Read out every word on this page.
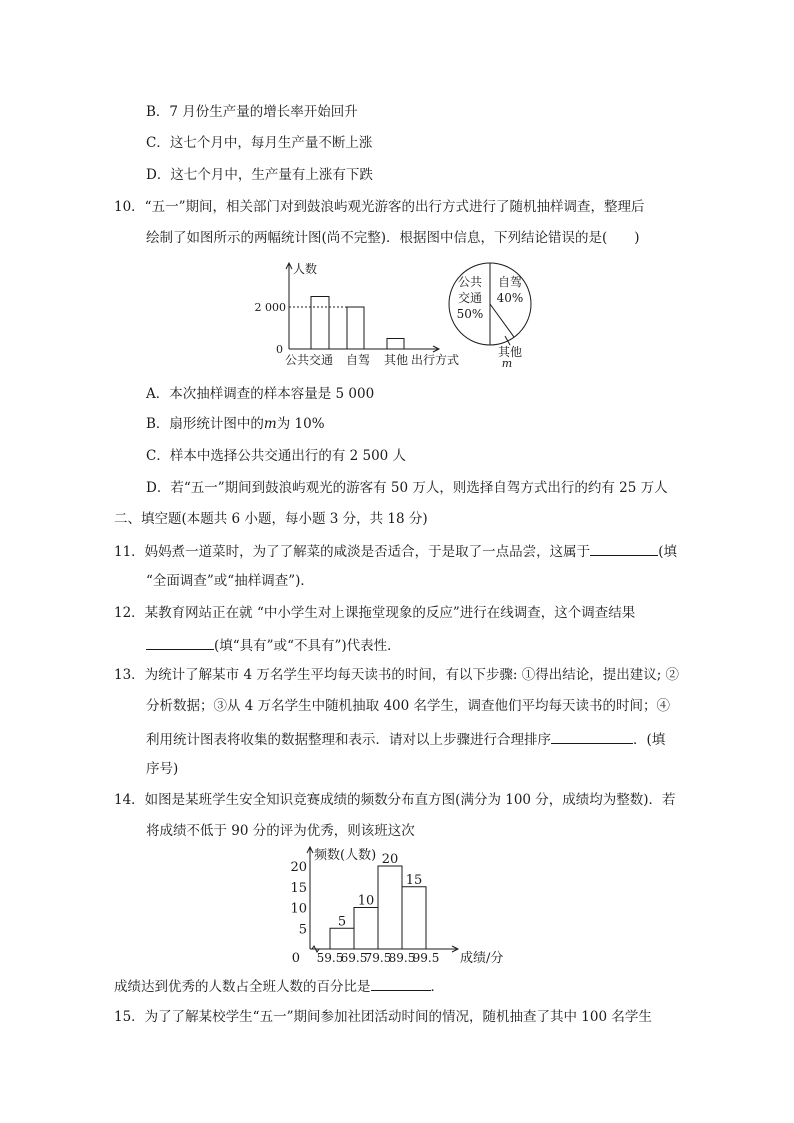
B．7 月份生产量的增长率开始回升
C．这七个月中，每月生产量不断上涨
D．这七个月中，生产量有上涨有下跌
10．“五一”期间，相关部门对到鼓浪屿观光游客的出行方式进行了随机抽样调查，整理后
绘制了如图所示的两幅统计图(尚不完整)．根据图中信息，下列结论错误的是(　　)
人数
出行方式
0
2 000
公共交通 自驾 其他
公共
交通
50%
自驾
40%
其他
m
A．本次抽样调查的样本容量是 5 000
B．扇形统计图中的m为 10%
C．样本中选择公共交通出行的有 2 500 人
D．若“五一”期间到鼓浪屿观光的游客有 50 万人，则选择自驾方式出行的约有 25 万人
二、填空题(本题共 6 小题，每小题 3 分，共 18 分)
11．妈妈煮一道菜时，为了了解菜的咸淡是否适合，于是取了一点品尝，这属于	(填
“全面调查”或“抽样调查”)．
12．某教育网站正在就 “中小学生对上课拖堂现象的反应”进行在线调查，这个调查结果
(填“具有”或“不具有”)代表性．
13．为统计了解某市 4 万名学生平均每天读书的时间，有以下步骤: ①得出结论，提出建议; ②
分析数据；③从 4 万名学生中随机抽取 400 名学生，调查他们平均每天读书的时间；④
利用统计图表将收集的数据整理和表示．请对以上步骤进行合理排序	．(填
序号)
14．如图是某班学生安全知识竞赛成绩的频数分布直方图(满分为 100 分，成绩均为整数)．若
将成绩不低于 90 分的评为优秀，则该班这次
频数(人数)
成绩/分
0
5
10
15
20
5
10
20
15
59.5
69.5
79.5
89.5
99.5
成绩达到优秀的人数占全班人数的百分比是	．
15．为了了解某校学生“五一”期间参加社团活动时间的情况，随机抽查了其中 100 名学生
